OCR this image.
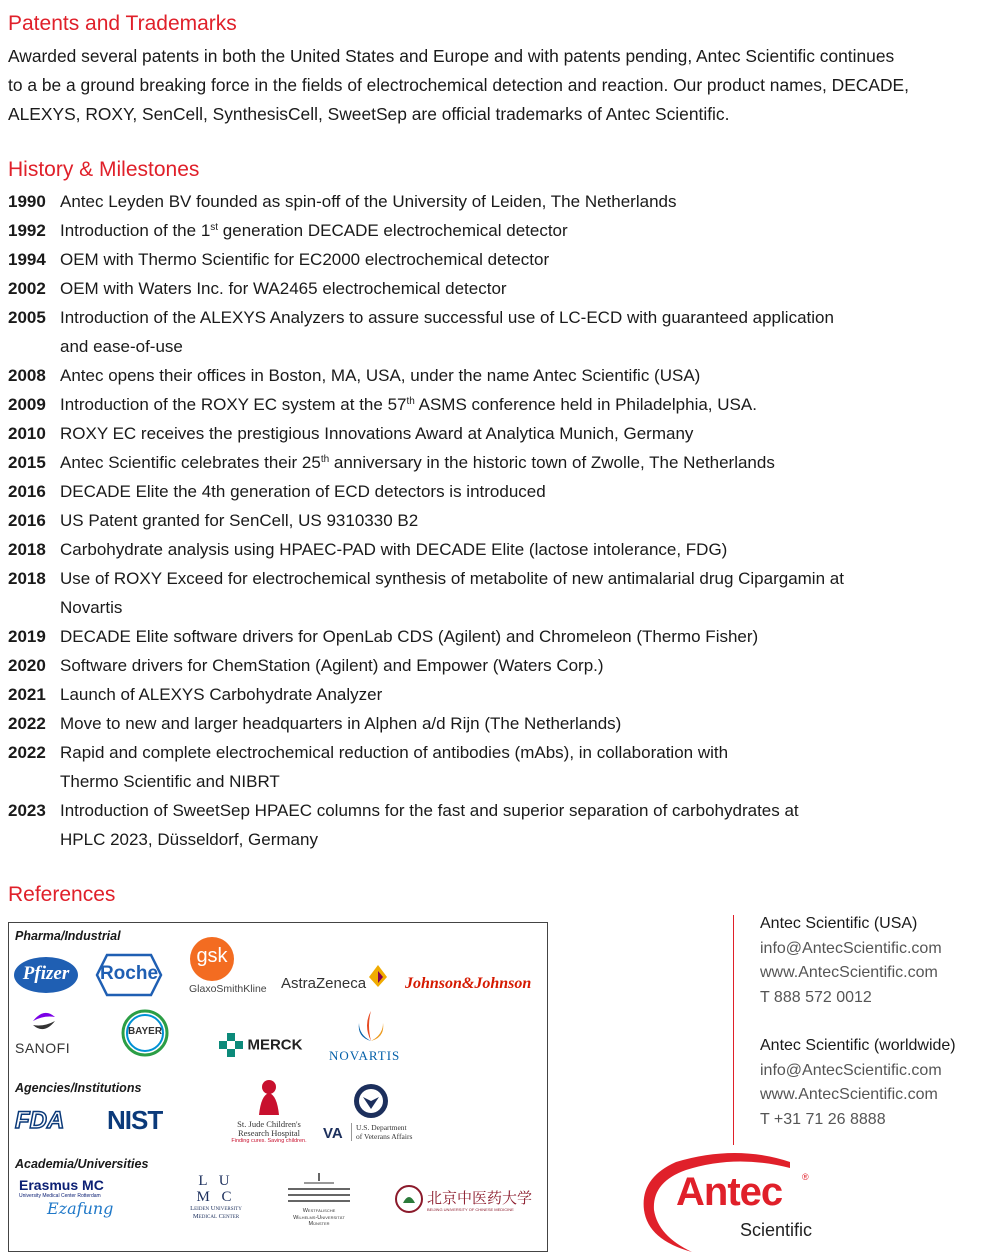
Patents and Trademarks
Awarded several patents in both the United States and Europe and with patents pending, Antec Scientific continues
to a be a ground breaking force in the fields of electrochemical detection and reaction. Our product names, DECADE,
ALEXYS, ROXY, SenCell, SynthesisCell, SweetSep are official trademarks of Antec Scientific.
History & Milestones
1990 Antec Leyden BV founded as spin-off of the University of Leiden, The Netherlands
1992 Introduction of the 1st generation DECADE electrochemical detector
1994 OEM with Thermo Scientific for EC2000 electrochemical detector
2002 OEM with Waters Inc. for WA2465 electrochemical detector
2005 Introduction of the ALEXYS Analyzers to assure successful use of LC-ECD with guaranteed application
and ease-of-use
2008 Antec opens their offices in Boston, MA, USA, under the name Antec Scientific (USA)
2009 Introduction of the ROXY EC system at the 57th ASMS conference held in Philadelphia, USA.
2010 ROXY EC receives the prestigious Innovations Award at Analytica Munich, Germany
2015 Antec Scientific celebrates their 25th anniversary in the historic town of Zwolle, The Netherlands
2016 DECADE Elite the 4th generation of ECD detectors is introduced
2016 US Patent granted for SenCell, US 9310330 B2
2018 Carbohydrate analysis using HPAEC-PAD with DECADE Elite (lactose intolerance, FDG)
2018 Use of ROXY Exceed for electrochemical synthesis of metabolite of new antimalarial drug Cipargamin at
Novartis
2019 DECADE Elite software drivers for OpenLab CDS (Agilent) and Chromeleon (Thermo Fisher)
2020 Software drivers for ChemStation (Agilent) and Empower (Waters Corp.)
2021 Launch of ALEXYS Carbohydrate Analyzer
2022 Move to new and larger headquarters in Alphen a/d Rijn (The Netherlands)
2022 Rapid and complete electrochemical reduction of antibodies (mAbs), in collaboration with
Thermo Scientific and NIBRT
2023 Introduction of SweetSep HPAEC columns for the fast and superior separation of carbohydrates at
HPLC 2023, Düsseldorf, Germany
References
Pharma/Industrial
Agencies/Institutions
Academia/Universities
Pfizer	Roche
gsk
GlaxoSmithKline AstraZeneca Johnson&Johnson
SANOFI
BAYER
MERCK
NOVARTIS
FDA NIST	St. Jude Children's
Research Hospital
Finding cures. Saving children. VA U.S. Department
of Veterans Affairs
Erasmus MC
University Medical Center Rotterdam
Ezafung
L U
M C
Leiden University
Medical Center
Westfälische
Wilhelms-Universität
Münster
北京中医药大学
BEIJING UNIVERSITY OF CHINESE MEDICINE
Antec Scientific (USA)
info@AntecScientific.com
www.AntecScientific.com
T 888 572 0012
Antec Scientific (worldwide)
info@AntecScientific.com
www.AntecScientific.com
T +31 71 26 8888
Antec ®
Scientific
